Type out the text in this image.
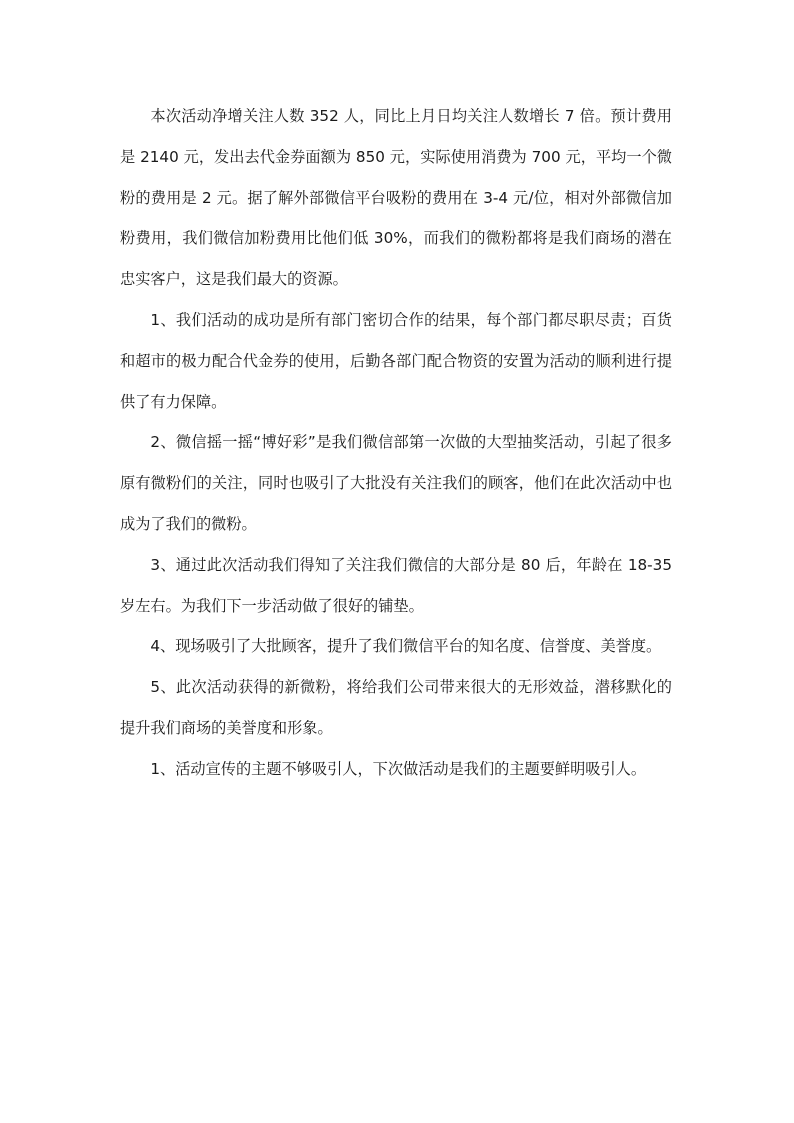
本次活动净增关注人数 352 人，同比上月日均关注人数增长 7 倍。预计费用是 2140 元，发出去代金券面额为 850 元，实际使用消费为 700 元，平均一个微粉的费用是 2 元。据了解外部微信平台吸粉的费用在 3-4 元/位，相对外部微信加粉费用，我们微信加粉费用比他们低 30%，而我们的微粉都将是我们商场的潜在忠实客户，这是我们最大的资源。

1、我们活动的成功是所有部门密切合作的结果，每个部门都尽职尽责；百货和超市的极力配合代金券的使用，后勤各部门配合物资的安置为活动的顺利进行提供了有力保障。

2、微信摇一摇“博好彩”是我们微信部第一次做的大型抽奖活动，引起了很多原有微粉们的关注，同时也吸引了大批没有关注我们的顾客，他们在此次活动中也成为了我们的微粉。

3、通过此次活动我们得知了关注我们微信的大部分是 80 后，年龄在 18-35 岁左右。为我们下一步活动做了很好的铺垫。

4、现场吸引了大批顾客，提升了我们微信平台的知名度、信誉度、美誉度。

5、此次活动获得的新微粉，将给我们公司带来很大的无形效益，潜移默化的提升我们商场的美誉度和形象。

1、活动宣传的主题不够吸引人，下次做活动是我们的主题要鲜明吸引人。
